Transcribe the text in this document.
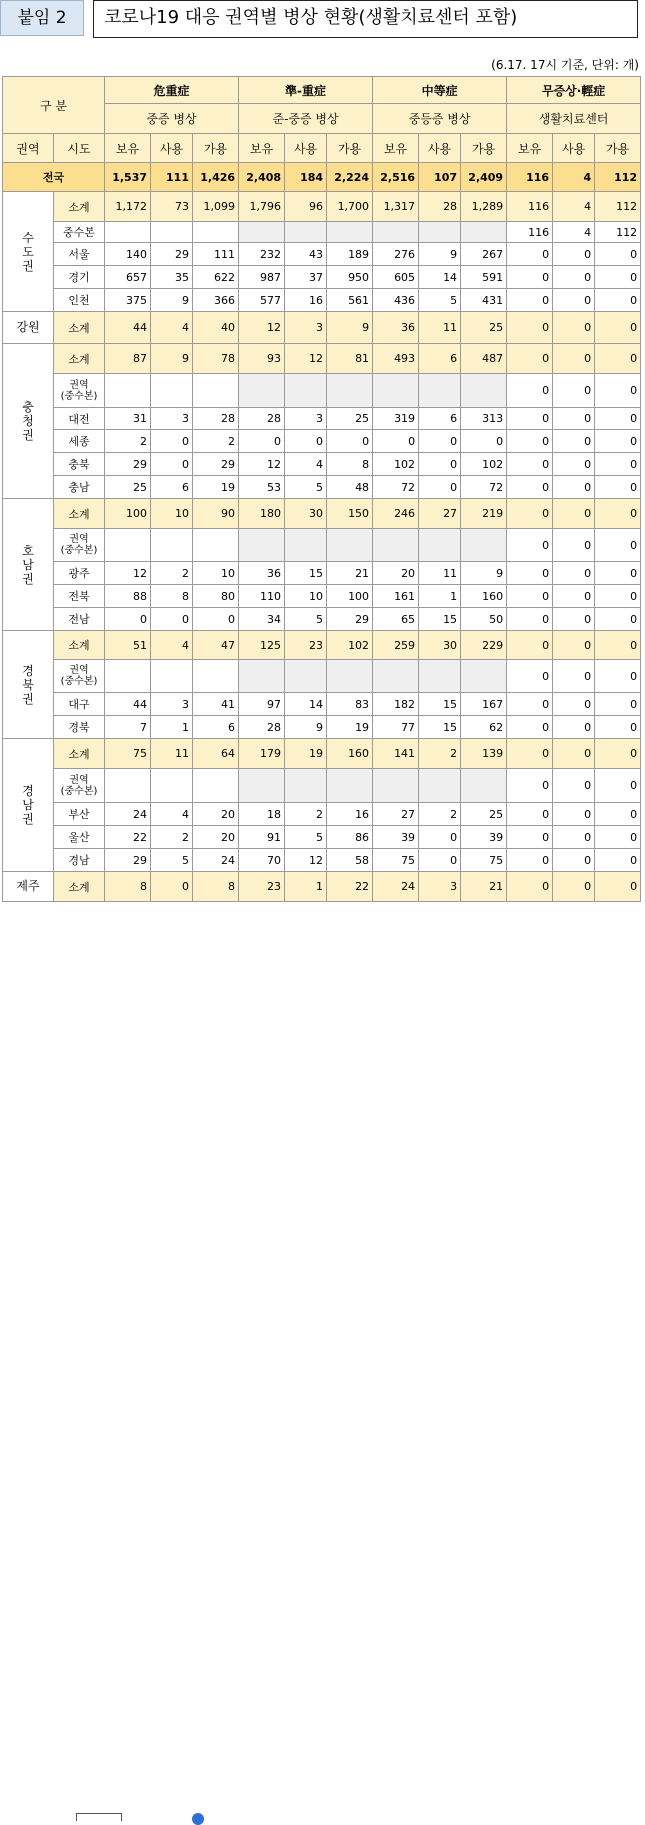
붙임 2	코로나19 대응 권역별 병상 현황(생활치료센터 포함)
(6.17. 17시 기준, 단위: 개)
구 분		危重症			準-重症			中等症			무증상·輕症		
		중증 병상			준-중증 병상			중등증 병상			생활치료센터		
권역	시도	보유	사용	가용	보유	사용	가용	보유	사용	가용	보유	사용	가용
전국		1,537	111	1,426	2,408	184	2,224	2,516	107	2,409	116	4	112
수
도
권	소계	1,172	73	1,099	1,796	96	1,700	1,317	28	1,289	116	4	112
	중수본										116	4	112
	서울	140	29	111	232	43	189	276	9	267	0	0	0
	경기	657	35	622	987	37	950	605	14	591	0	0	0
	인천	375	9	366	577	16	561	436	5	431	0	0	0
강원	소계	44	4	40	12	3	9	36	11	25	0	0	0
충
청
권	소계	87	9	78	93	12	81	493	6	487	0	0	0
	권역
(중수본)										0	0	0
	대전	31	3	28	28	3	25	319	6	313	0	0	0
	세종	2	0	2	0	0	0	0	0	0	0	0	0
	충북	29	0	29	12	4	8	102	0	102	0	0	0
	충남	25	6	19	53	5	48	72	0	72	0	0	0
호
남
권	소계	100	10	90	180	30	150	246	27	219	0	0	0
	권역
(중수본)										0	0	0
	광주	12	2	10	36	15	21	20	11	9	0	0	0
	전북	88	8	80	110	10	100	161	1	160	0	0	0
	전남	0	0	0	34	5	29	65	15	50	0	0	0
경
북
권	소계	51	4	47	125	23	102	259	30	229	0	0	0
	권역
(중수본)										0	0	0
	대구	44	3	41	97	14	83	182	15	167	0	0	0
	경북	7	1	6	28	9	19	77	15	62	0	0	0
경
남
권	소계	75	11	64	179	19	160	141	2	139	0	0	0
	권역
(중수본)										0	0	0
	부산	24	4	20	18	2	16	27	2	25	0	0	0
	울산	22	2	20	91	5	86	39	0	39	0	0	0
	경남	29	5	24	70	12	58	75	0	75	0	0	0
제주	소계	8	0	8	23	1	22	24	3	21	0	0	0
